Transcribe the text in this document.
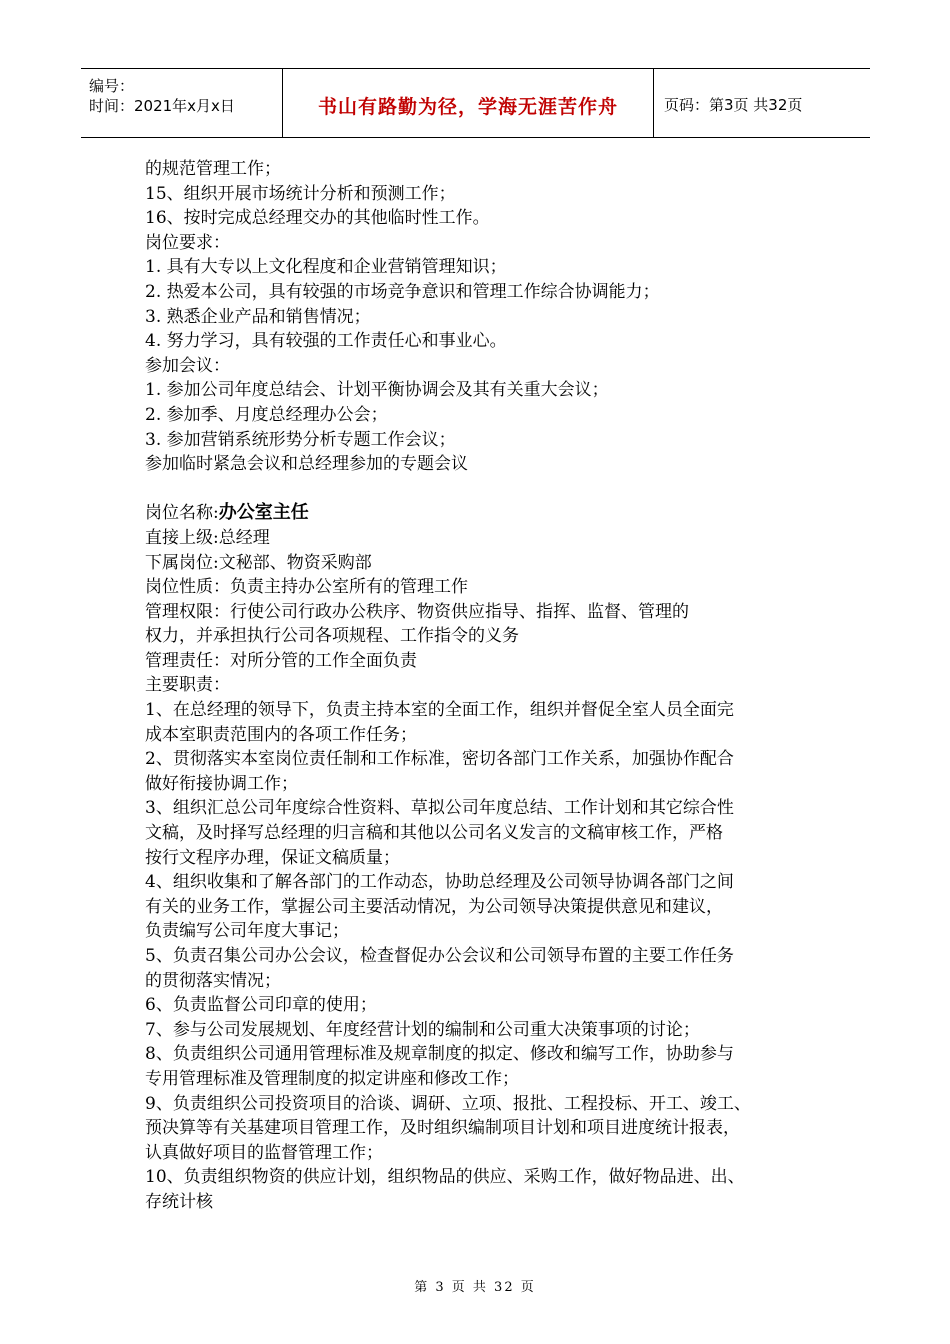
编号：
时间：2021年x月x日	书山有路勤为径，学海无涯苦作舟	页码：第3页 共32页
的规范管理工作；
15、组织开展市场统计分析和预测工作；
16、按时完成总经理交办的其他临时性工作。
岗位要求：
1. 具有大专以上文化程度和企业营销管理知识；
2. 热爱本公司，具有较强的市场竞争意识和管理工作综合协调能力；
3. 熟悉企业产品和销售情况；
4. 努力学习，具有较强的工作责任心和事业心。
参加会议：
1. 参加公司年度总结会、计划平衡协调会及其有关重大会议；
2. 参加季、月度总经理办公会；
3. 参加营销系统形势分析专题工作会议；
参加临时紧急会议和总经理参加的专题会议
岗位名称:办公室主任
直接上级:总经理
下属岗位:文秘部、物资采购部
岗位性质：负责主持办公室所有的管理工作
管理权限：行使公司行政办公秩序、物资供应指导、指挥、监督、管理的
权力，并承担执行公司各项规程、工作指令的义务
管理责任：对所分管的工作全面负责
主要职责：
1、在总经理的领导下，负责主持本室的全面工作，组织并督促全室人员全面完
成本室职责范围内的各项工作任务；
2、贯彻落实本室岗位责任制和工作标准，密切各部门工作关系，加强协作配合
做好衔接协调工作；
3、组织汇总公司年度综合性资料、草拟公司年度总结、工作计划和其它综合性
文稿，及时择写总经理的归言稿和其他以公司名义发言的文稿审核工作，严格
按行文程序办理，保证文稿质量；
4、组织收集和了解各部门的工作动态，协助总经理及公司领导协调各部门之间
有关的业务工作，掌握公司主要活动情况，为公司领导决策提供意见和建议，
负责编写公司年度大事记；
5、负责召集公司办公会议，检查督促办公会议和公司领导布置的主要工作任务
的贯彻落实情况；
6、负责监督公司印章的使用；
7、参与公司发展规划、年度经营计划的编制和公司重大决策事项的讨论；
8、负责组织公司通用管理标准及规章制度的拟定、修改和编写工作，协助参与
专用管理标准及管理制度的拟定讲座和修改工作；
9、负责组织公司投资项目的洽谈、调研、立项、报批、工程投标、开工、竣工、
预决算等有关基建项目管理工作，及时组织编制项目计划和项目进度统计报表，
认真做好项目的监督管理工作；
10、负责组织物资的供应计划，组织物品的供应、采购工作，做好物品进、出、
存统计核
第 3 页 共 32 页
